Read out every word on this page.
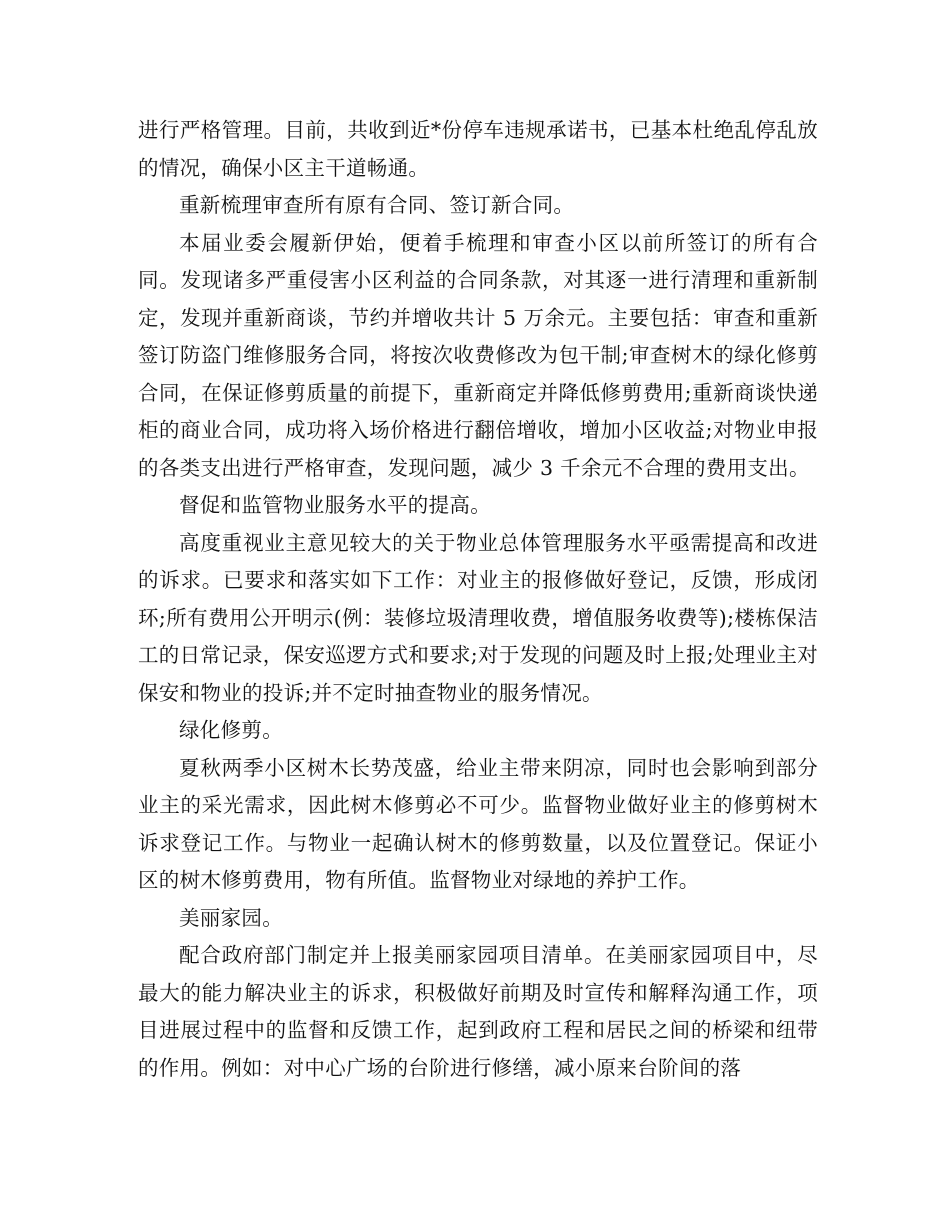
进行严格管理。目前，共收到近*份停车违规承诺书，已基本杜绝乱停乱放的情况，确保小区主干道畅通。

重新梳理审查所有原有合同、签订新合同。

本届业委会履新伊始，便着手梳理和审查小区以前所签订的所有合同。发现诸多严重侵害小区利益的合同条款，对其逐一进行清理和重新制定，发现并重新商谈，节约并增收共计 5 万余元。主要包括：审查和重新签订防盗门维修服务合同，将按次收费修改为包干制;审查树木的绿化修剪合同，在保证修剪质量的前提下，重新商定并降低修剪费用;重新商谈快递柜的商业合同，成功将入场价格进行翻倍增收，增加小区收益;对物业申报的各类支出进行严格审查，发现问题，减少 3 千余元不合理的费用支出。

督促和监管物业服务水平的提高。

高度重视业主意见较大的关于物业总体管理服务水平亟需提高和改进的诉求。已要求和落实如下工作：对业主的报修做好登记，反馈，形成闭环;所有费用公开明示(例：装修垃圾清理收费，增值服务收费等);楼栋保洁工的日常记录，保安巡逻方式和要求;对于发现的问题及时上报;处理业主对保安和物业的投诉;并不定时抽查物业的服务情况。

绿化修剪。

夏秋两季小区树木长势茂盛，给业主带来阴凉，同时也会影响到部分业主的采光需求，因此树木修剪必不可少。监督物业做好业主的修剪树木诉求登记工作。与物业一起确认树木的修剪数量，以及位置登记。保证小区的树木修剪费用，物有所值。监督物业对绿地的养护工作。

美丽家园。

配合政府部门制定并上报美丽家园项目清单。在美丽家园项目中，尽最大的能力解决业主的诉求，积极做好前期及时宣传和解释沟通工作，项目进展过程中的监督和反馈工作，起到政府工程和居民之间的桥梁和纽带的作用。例如：对中心广场的台阶进行修缮，减小原来台阶间的落
